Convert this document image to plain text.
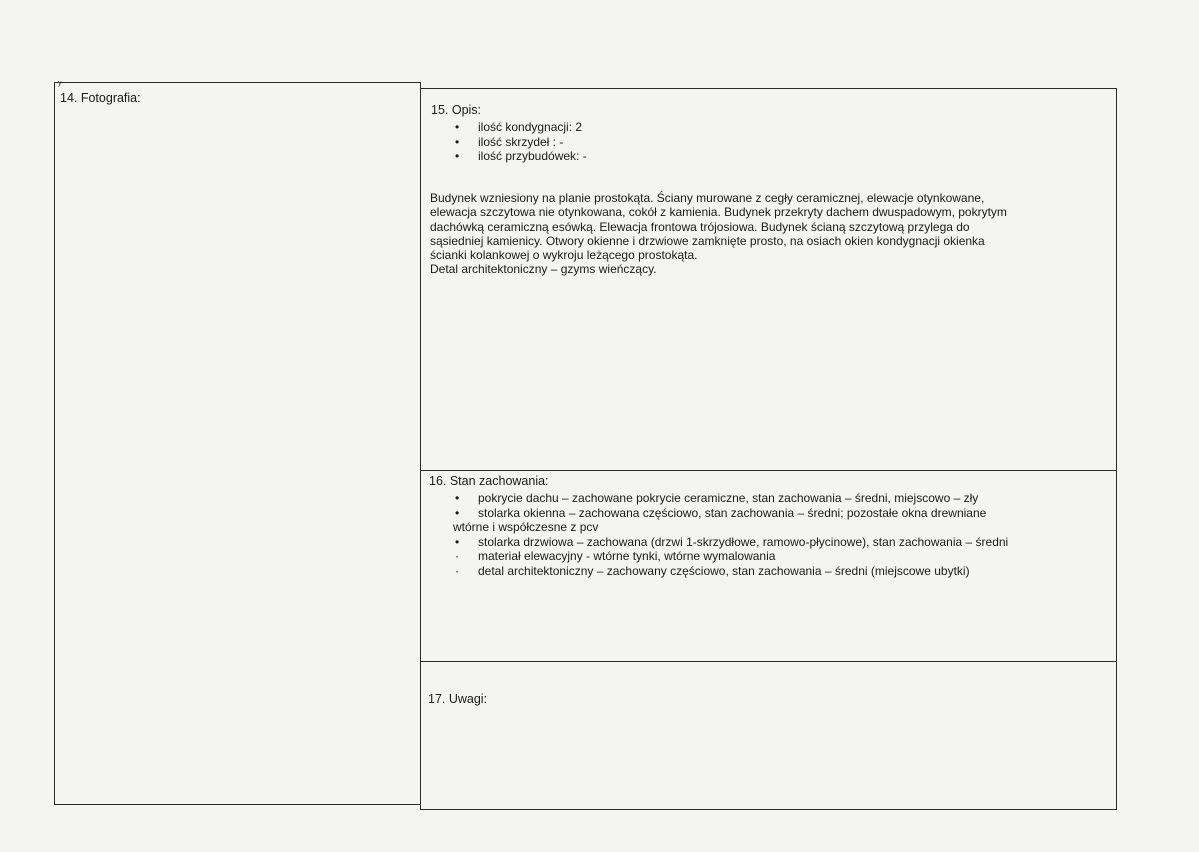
y
14. Fotografia:
15. Opis:
• ilość kondygnacji: 2
• ilość skrzydeł : -
• ilość przybudówek: -
Budynek wzniesiony na planie prostokąta. Ściany murowane z cegły ceramicznej, elewacje otynkowane,
elewacja szczytowa nie otynkowana, cokół z kamienia. Budynek przekryty dachem dwuspadowym, pokrytym
dachówką ceramiczną esówką. Elewacja frontowa trójosiowa. Budynek ścianą szczytową przylega do
sąsiedniej kamienicy. Otwory okienne i drzwiowe zamknięte prosto, na osiach okien kondygnacji okienka
ścianki kolankowej o wykroju leżącego prostokąta.
Detal architektoniczny – gzyms wieńczący.
16. Stan zachowania:
• pokrycie dachu – zachowane pokrycie ceramiczne, stan zachowania – średni, miejscowo – zły
• stolarka okienna – zachowana częściowo, stan zachowania – średni; pozostałe okna drewniane
wtórne i współczesne z pcv
• stolarka drzwiowa – zachowana (drzwi 1-skrzydłowe, ramowo-płycinowe), stan zachowania – średni
· materiał elewacyjny - wtórne tynki, wtórne wymalowania
· detal architektoniczny – zachowany częściowo, stan zachowania – średni (miejscowe ubytki)
17. Uwagi:
